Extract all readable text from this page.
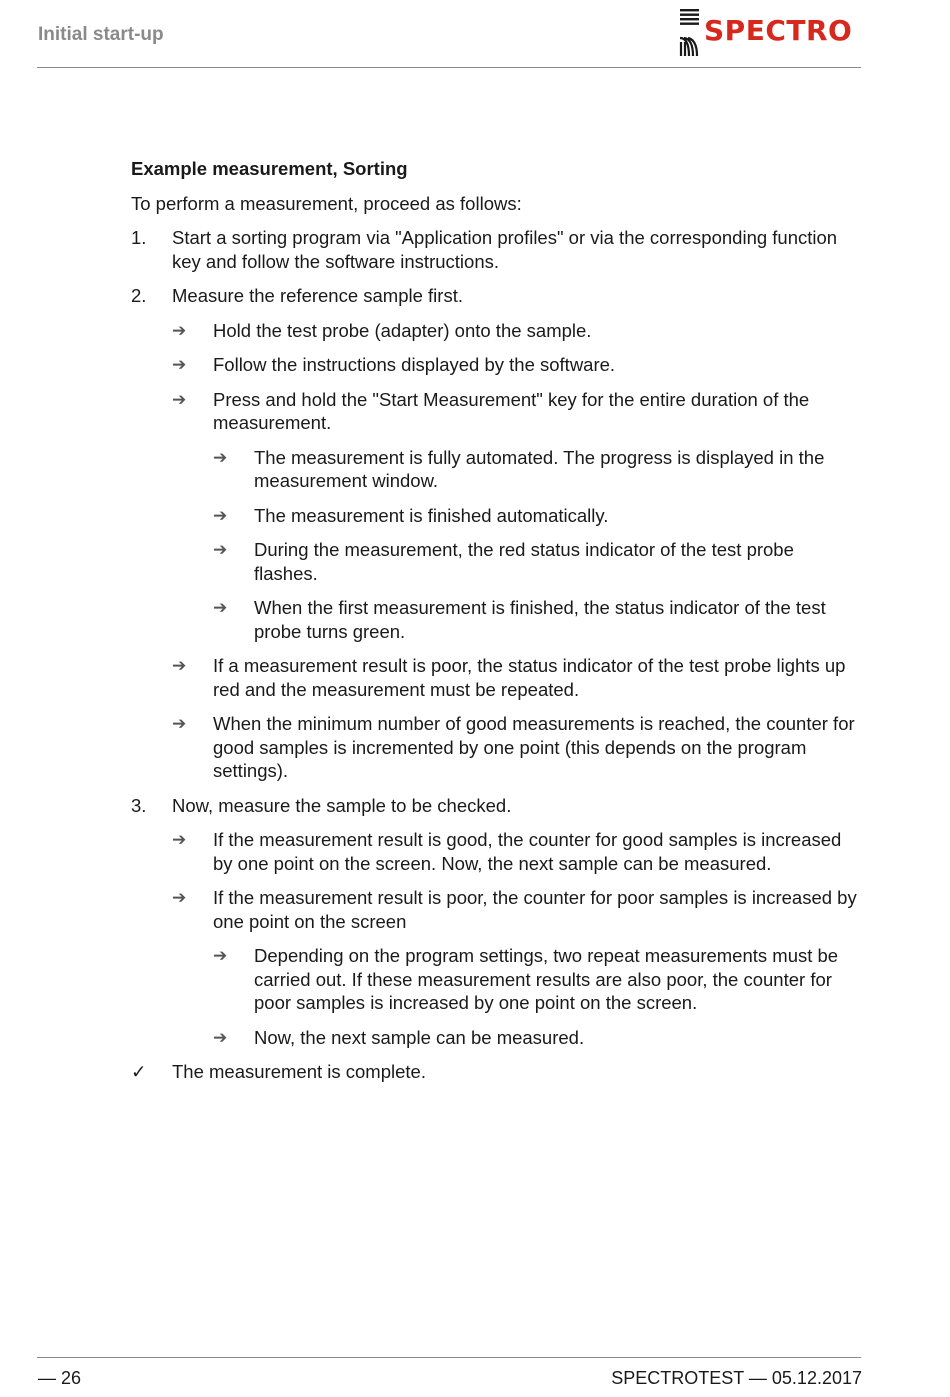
Initial start-up	SPECTRO
Example measurement, Sorting
To perform a measurement, proceed as follows:
1. Start a sorting program via "Application profiles" or via the corresponding function key and follow the software instructions.
2. Measure the reference sample first.
➔	Hold the test probe (adapter) onto the sample.
➔	Follow the instructions displayed by the software.
➔	Press and hold the "Start Measurement" key for the entire duration of the measurement.
➔	The measurement is fully automated. The progress is displayed in the measurement window.
➔	The measurement is finished automatically.
➔	During the measurement, the red status indicator of the test probe flashes.
➔	When the first measurement is finished, the status indicator of the test probe turns green.
➔	If a measurement result is poor, the status indicator of the test probe lights up red and the measurement must be repeated.
➔	When the minimum number of good measurements is reached, the counter for good samples is incremented by one point (this depends on the program settings).
3. Now, measure the sample to be checked.
➔	If the measurement result is good, the counter for good samples is increased by one point on the screen. Now, the next sample can be measured.
➔	If the measurement result is poor, the counter for poor samples is increased by one point on the screen
➔	Depending on the program settings, two repeat measurements must be carried out. If these measurement results are also poor, the counter for poor samples is increased by one point on the screen.
➔	Now, the next sample can be measured.
✓ The measurement is complete.
— 26	SPECTROTEST — 05.12.2017
